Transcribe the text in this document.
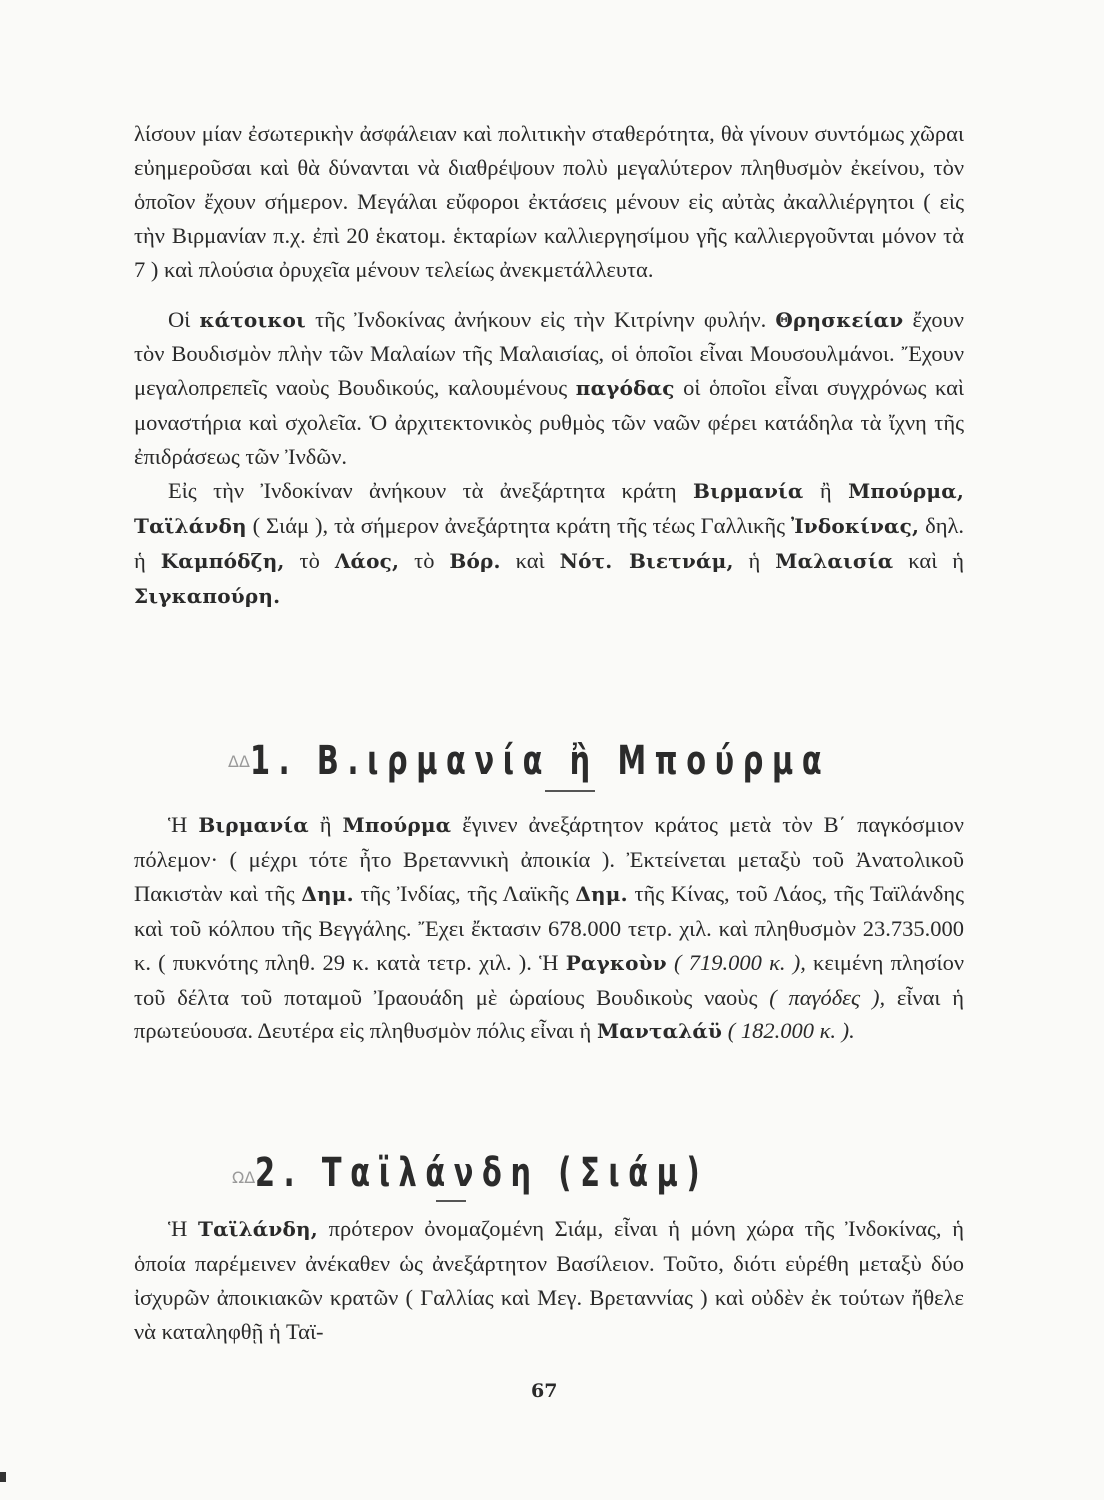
λίσουν μίαν ἐσωτερικὴν ἀσφάλειαν καὶ πολιτικὴν σταθερότητα, θὰ γίνουν συντόμως χῶραι εὐημεροῦσαι καὶ θὰ δύνανται νὰ διαθρέψουν πολὺ μεγαλύτερον πληθυσμὸν ἐκείνου, τὸν ὁποῖον ἔχουν σήμερον. Μεγάλαι εὔφοροι ἐκτάσεις μένουν εἰς αὐτὰς ἀκαλλιέργητοι ( εἰς τὴν Βιρμανίαν π.χ. ἐπὶ 20 ἑκατομ. ἑκταρίων καλλιεργησίμου γῆς καλλιεργοῦνται μόνον τὰ 7 ) καὶ πλούσια ὀρυχεῖα μένουν τελείως ἀνεκμετάλλευτα.

Οἱ κάτοικοι τῆς Ἰνδοκίνας ἀνήκουν εἰς τὴν Κιτρίνην φυλήν. Θρησκείαν ἔχουν τὸν Βουδισμὸν πλὴν τῶν Μαλαίων τῆς Μαλαισίας, οἱ ὁποῖοι εἶναι Μουσουλμάνοι. Ἔχουν μεγαλοπρεπεῖς ναοὺς Βουδικούς, καλουμένους παγόδας οἱ ὁποῖοι εἶναι συγχρόνως καὶ μοναστήρια καὶ σχολεῖα. Ὁ ἀρχιτεκτονικὸς ρυθμὸς τῶν ναῶν φέρει κατάδηλα τὰ ἴχνη τῆς ἐπιδράσεως τῶν Ἰνδῶν.

Εἰς τὴν Ἰνδοκίναν ἀνήκουν τὰ ἀνεξάρτητα κράτη Βιρμανία ἢ Μπούρμα, Ταϊλάνδη ( Σιάμ ), τὰ σήμερον ἀνεξάρτητα κράτη τῆς τέως Γαλλικῆς Ἰνδοκίνας, δηλ. ἡ Καμπόδζη, τὸ Λάος, τὸ Βόρ. καὶ Νότ. Βιετνάμ, ἡ Μαλαισία καὶ ἡ Σιγκαπούρη.

ΔΔ 1. Β.ιρμανία ἢ Μπούρμα

Ἡ Βιρμανία ἢ Μπούρμα ἔγινεν ἀνεξάρτητον κράτος μετὰ τὸν Β΄ παγκόσμιον πόλεμον· ( μέχρι τότε ἦτο Βρεταννικὴ ἀποικία ). Ἐκτείνεται μεταξὺ τοῦ Ἀνατολικοῦ Πακιστὰν καὶ τῆς Δημ. τῆς Ἰνδίας, τῆς Λαϊκῆς Δημ. τῆς Κίνας, τοῦ Λάος, τῆς Ταϊλάνδης καὶ τοῦ κόλπου τῆς Βεγγάλης. Ἔχει ἔκτασιν 678.000 τετρ. χιλ. καὶ πληθυσμὸν 23.735.000 κ. ( πυκνότης πληθ. 29 κ. κατὰ τετρ. χιλ. ). Ἡ Ραγκοὺν ( 719.000 κ. ), κειμένη πλησίον τοῦ δέλτα τοῦ ποταμοῦ Ἰραουάδη μὲ ὡραίους Βουδικοὺς ναοὺς ( παγόδες ), εἶναι ἡ πρωτεύουσα. Δευτέρα εἰς πληθυσμὸν πόλις εἶναι ἡ Μανταλάϋ ( 182.000 κ. ).

ΩΔ 2. Ταϊλάνδη (Σιάμ)

Ἡ Ταϊλάνδη, πρότερον ὀνομαζομένη Σιάμ, εἶναι ἡ μόνη χώρα τῆς Ἰνδοκίνας, ἡ ὁποία παρέμεινεν ἀνέκαθεν ὡς ἀνεξάρτητον Βασίλειον. Τοῦτο, διότι εὑρέθη μεταξὺ δύο ἰσχυρῶν ἀποικιακῶν κρατῶν ( Γαλλίας καὶ Μεγ. Βρεταννίας ) καὶ οὐδὲν ἐκ τούτων ἤθελε νὰ καταληφθῇ ἡ Ταϊ-

67
